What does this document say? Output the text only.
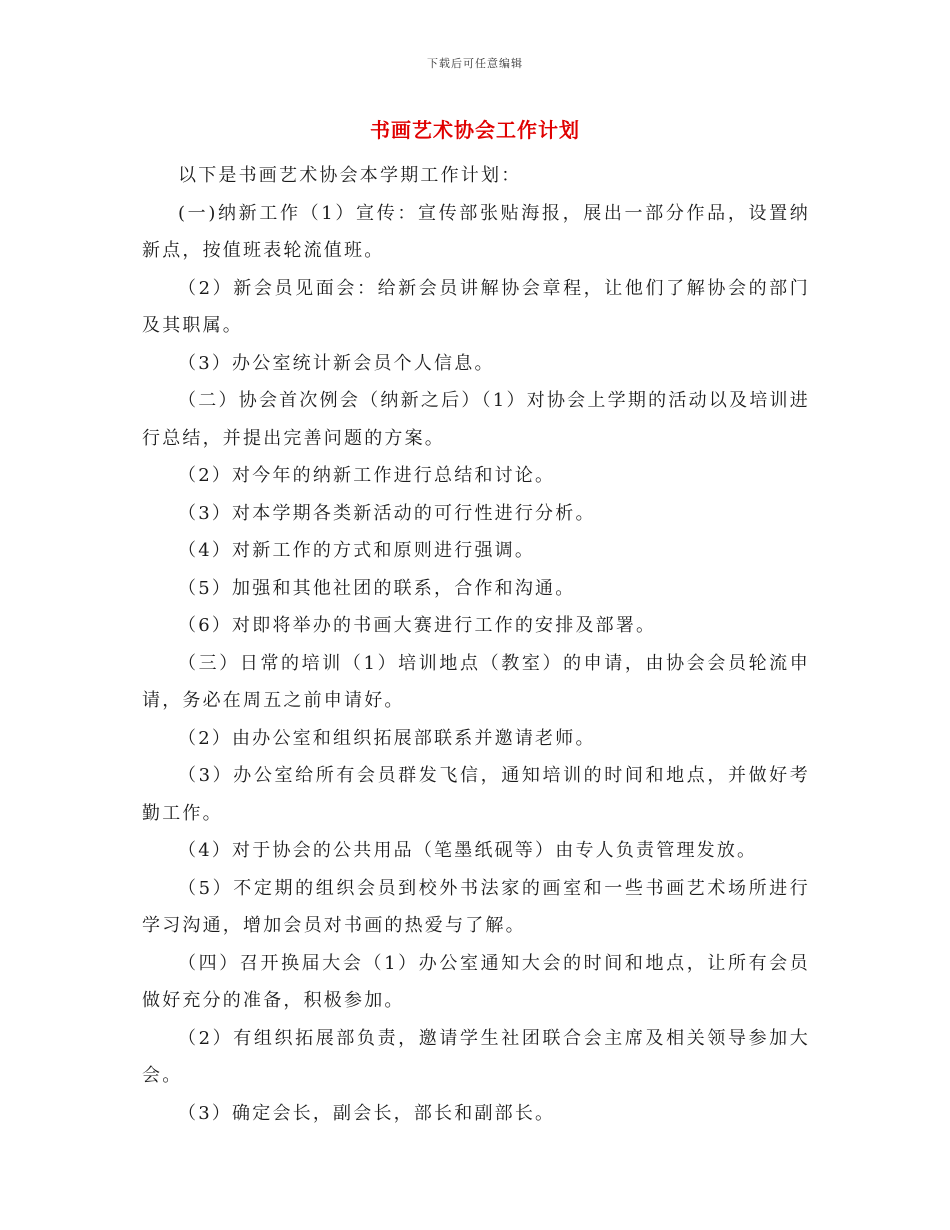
下载后可任意编辑
书画艺术协会工作计划

以下是书画艺术协会本学期工作计划：

(一)纳新工作（1）宣传：宣传部张贴海报，展出一部分作品，设置纳新点，按值班表轮流值班。

（2）新会员见面会：给新会员讲解协会章程，让他们了解协会的部门及其职属。

（3）办公室统计新会员个人信息。

（二）协会首次例会（纳新之后）（1）对协会上学期的活动以及培训进行总结，并提出完善问题的方案。

（2）对今年的纳新工作进行总结和讨论。

（3）对本学期各类新活动的可行性进行分析。

（4）对新工作的方式和原则进行强调。

（5）加强和其他社团的联系，合作和沟通。

（6）对即将举办的书画大赛进行工作的安排及部署。

（三）日常的培训（1）培训地点（教室）的申请，由协会会员轮流申请，务必在周五之前申请好。

（2）由办公室和组织拓展部联系并邀请老师。

（3）办公室给所有会员群发飞信，通知培训的时间和地点，并做好考勤工作。

（4）对于协会的公共用品（笔墨纸砚等）由专人负责管理发放。

（5）不定期的组织会员到校外书法家的画室和一些书画艺术场所进行学习沟通，增加会员对书画的热爱与了解。

（四）召开换届大会（1）办公室通知大会的时间和地点，让所有会员做好充分的准备，积极参加。

（2）有组织拓展部负责，邀请学生社团联合会主席及相关领导参加大会。

（3）确定会长，副会长，部长和副部长。
